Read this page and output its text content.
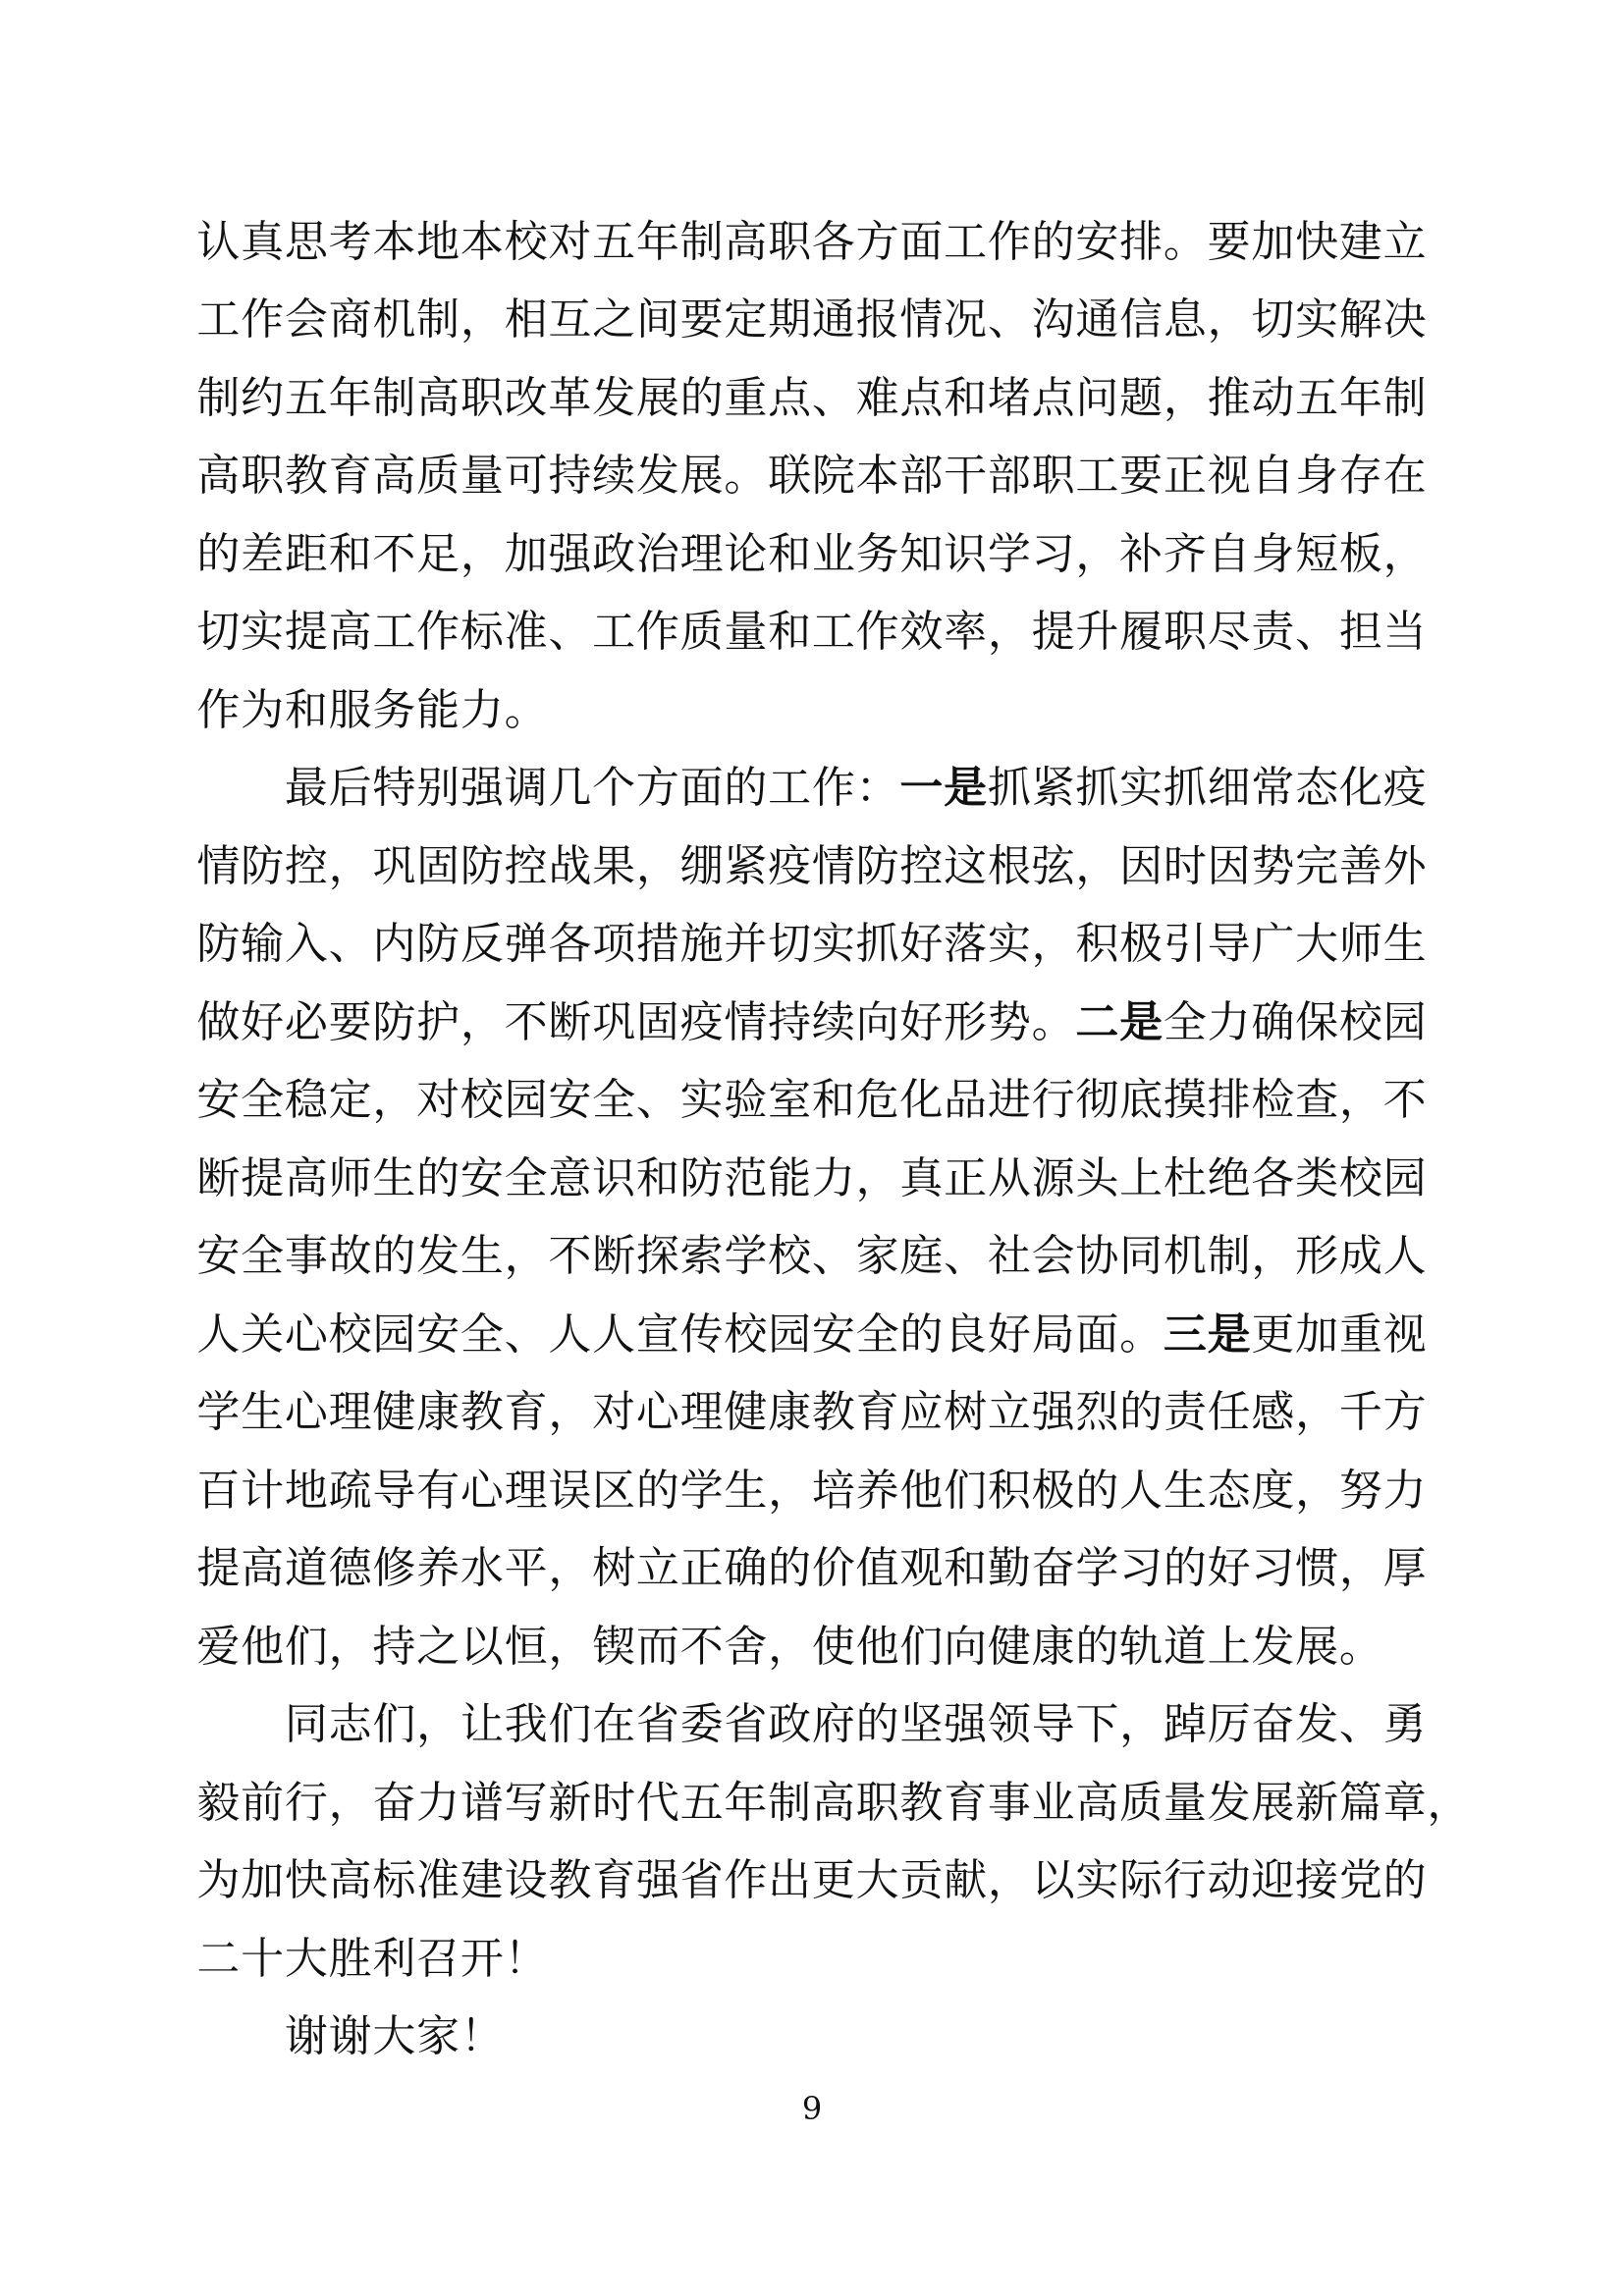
认 真 思 考 本 地 本 校 对 五 年 制 高 职 各 方 面 工 作 的 安 排 。 要 加 快 建 立
工 作 会 商 机 制 ， 相 互 之 间 要 定 期 通 报 情 况 、 沟 通 信 息 ， 切 实 解 决
制 约 五 年 制 高 职 改 革 发 展 的 重 点 、 难 点 和 堵 点 问 题 ， 推 动 五 年 制
高 职 教 育 高 质 量 可 持 续 发 展 。 联 院 本 部 干 部 职 工 要 正 视 自 身 存 在
的 差 距 和 不 足 ， 加 强 政 治 理 论 和 业 务 知 识 学 习 ， 补 齐 自 身 短 板 ，
切 实 提 高 工 作 标 准 、 工 作 质 量 和 工 作 效 率 ， 提 升 履 职 尽 责 、 担 当
作 为 和 服 务 能 力 。
最 后 特 别 强 调 几 个 方 面 的 工 作 ： 一 是 抓 紧 抓 实 抓 细 常 态 化 疫
情 防 控 ， 巩 固 防 控 战 果 ， 绷 紧 疫 情 防 控 这 根 弦 ， 因 时 因 势 完 善 外
防 输 入 、 内 防 反 弹 各 项 措 施 并 切 实 抓 好 落 实 ， 积 极 引 导 广 大 师 生
做 好 必 要 防 护 ， 不 断 巩 固 疫 情 持 续 向 好 形 势 。 二 是 全 力 确 保 校 园
安 全 稳 定 ， 对 校 园 安 全 、 实 验 室 和 危 化 品 进 行 彻 底 摸 排 检 查 ， 不
断 提 高 师 生 的 安 全 意 识 和 防 范 能 力 ， 真 正 从 源 头 上 杜 绝 各 类 校 园
安 全 事 故 的 发 生 ， 不 断 探 索 学 校 、 家 庭 、 社 会 协 同 机 制 ， 形 成 人
人 关 心 校 园 安 全 、 人 人 宣 传 校 园 安 全 的 良 好 局 面 。 三 是 更 加 重 视
学 生 心 理 健 康 教 育 ， 对 心 理 健 康 教 育 应 树 立 强 烈 的 责 任 感 ， 千 方
百 计 地 疏 导 有 心 理 误 区 的 学 生 ， 培 养 他 们 积 极 的 人 生 态 度 ， 努 力
提 高 道 德 修 养 水 平 ， 树 立 正 确 的 价 值 观 和 勤 奋 学 习 的 好 习 惯 ， 厚
爱 他 们 ， 持 之 以 恒 ， 锲 而 不 舍 ， 使 他 们 向 健 康 的 轨 道 上 发 展 。
同 志 们 ， 让 我 们 在 省 委 省 政 府 的 坚 强 领 导 下 ， 踔 厉 奋 发 、 勇
毅 前 行 ， 奋 力 谱 写 新 时 代 五 年 制 高 职 教 育 事 业 高 质 量 发 展 新 篇 章 ，
为 加 快 高 标 准 建 设 教 育 强 省 作 出 更 大 贡 献 ， 以 实 际 行 动 迎 接 党 的
二 十 大 胜 利 召 开 ！
谢 谢 大 家 ！
9
